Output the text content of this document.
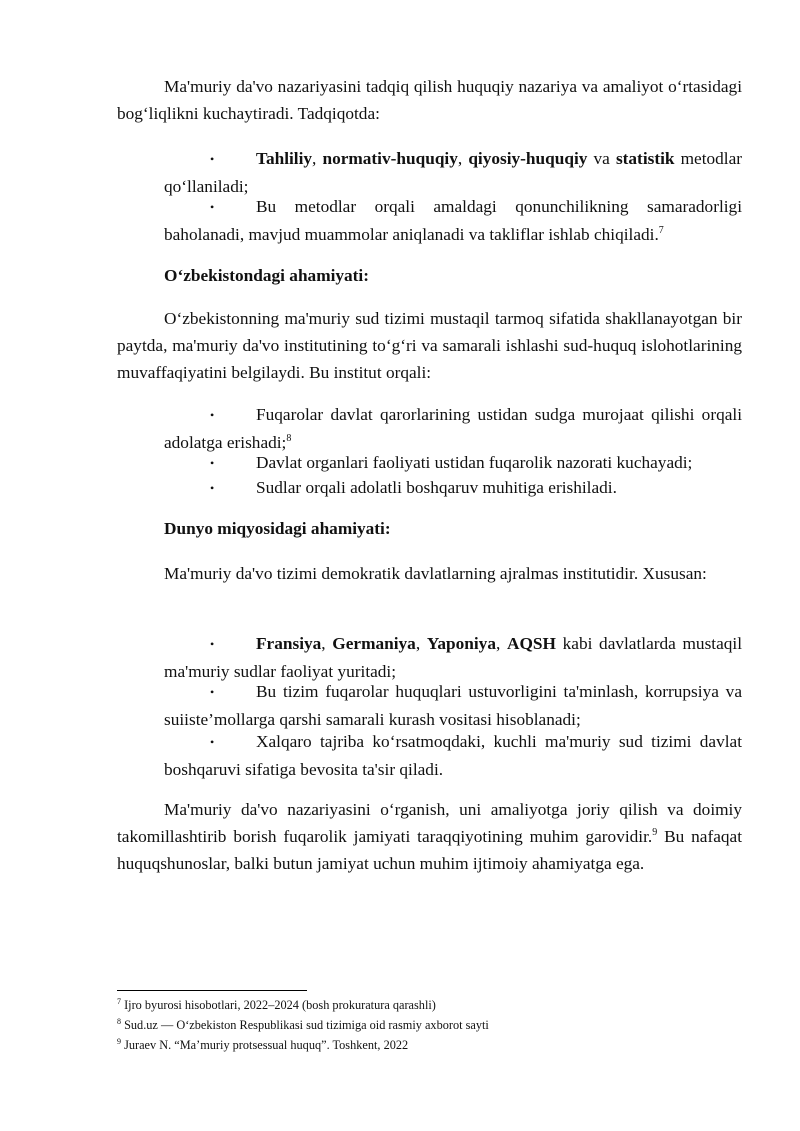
Ma'muriy da'vo nazariyasini tadqiq qilish huquqiy nazariya va amaliyot o‘rtasidagi bog‘liqlikni kuchaytiradi. Tadqiqotda:

• Tahliliy, normativ-huquqiy, qiyosiy-huquqiy va statistik metodlar qo‘llaniladi;

• Bu metodlar orqali amaldagi qonunchilikning samaradorligi baholanadi, mavjud muammolar aniqlanadi va takliflar ishlab chiqiladi.$^7$

O‘zbekistondagi ahamiyati:

O‘zbekistonning ma'muriy sud tizimi mustaqil tarmoq sifatida shakllanayotgan bir paytda, ma'muriy da'vo institutining to‘g‘ri va samarali ishlashi sud-huquq islohotlarining muvaffaqiyatini belgilaydi. Bu institut orqali:

• Fuqarolar davlat qarorlarining ustidan sudga murojaat qilishi orqali adolatga erishadi;$^8$

• Davlat organlari faoliyati ustidan fuqarolik nazorati kuchayadi;

• Sudlar orqali adolatli boshqaruv muhitiga erishiladi.

Dunyo miqyosidagi ahamiyati:

Ma'muriy da'vo tizimi demokratik davlatlarning ajralmas institutidir. Xususan:

• Fransiya, Germaniya, Yaponiya, AQSH kabi davlatlarda mustaqil ma'muriy sudlar faoliyat yuritadi;

• Bu tizim fuqarolar huquqlari ustuvorligini ta'minlash, korrupsiya va suiiste’mollarga qarshi samarali kurash vositasi hisoblanadi;

• Xalqaro tajriba ko‘rsatmoqdaki, kuchli ma'muriy sud tizimi davlat boshqaruvi sifatiga bevosita ta'sir qiladi.

Ma'muriy da'vo nazariyasini o‘rganish, uni amaliyotga joriy qilish va doimiy takomillashtirib borish fuqarolik jamiyati taraqqiyotining muhim garovidir.$^9$ Bu nafaqat huquqshunoslar, balki butun jamiyat uchun muhim ijtimoiy ahamiyatga ega.

$^7$ Ijro byurosi hisobotlari, 2022–2024 (bosh prokuratura qarashli)

$^8$ Sud.uz — O‘zbekiston Respublikasi sud tizimiga oid rasmiy axborot sayti

$^9$ Juraev N. “Ma’muriy protsessual huquq”. Toshkent, 2022
